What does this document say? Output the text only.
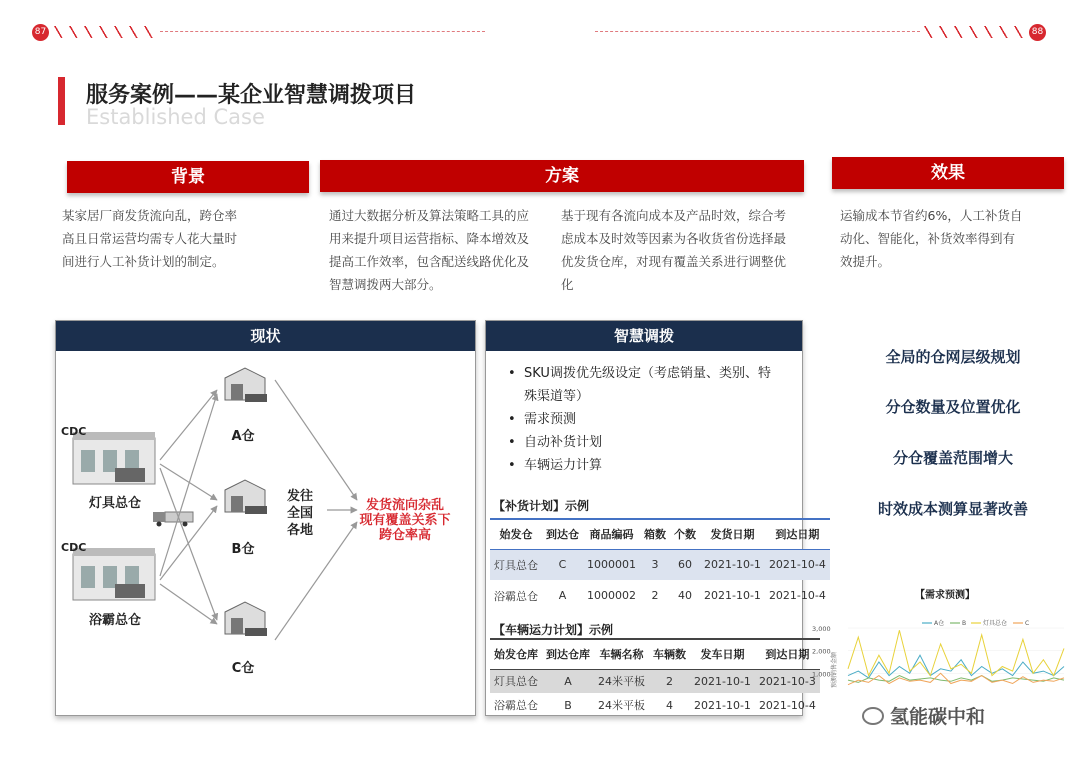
87	88
服务案例——某企业智慧调拨项目
Established Case
背景	方案	效果
某家居厂商发货流向乱，跨仓率
高且日常运营均需专人花大量时
间进行人工补货计划的制定。
通过大数据分析及算法策略工具的应
用来提升项目运营指标、降本增效及
提高工作效率，包含配送线路优化及
智慧调拨两大部分。
基于现有各流向成本及产品时效，综合考
虑成本及时效等因素为各收货省份选择最
优发货仓库，对现有覆盖关系进行调整优
化
运输成本节省约6%，人工补货自
动化、智能化，补货效率得到有
效提升。
现状
CDC
CDC
灯具总仓
浴霸总仓
A仓
B仓
C仓
发往
全国
各地
发货流向杂乱
现有覆盖关系下
跨仓率高
智慧调拨
• SKU调拨优先级设定（考虑销量、类别、特
殊渠道等）
• 需求预测
• 自动补货计划
• 车辆运力计算
【补货计划】示例
始发仓	到达仓	商品编码	箱数	个数	发货日期	到达日期
灯具总仓	C	1000001	3	60	2021-10-1	2021-10-4
浴霸总仓	A	1000002	2	40	2021-10-1	2021-10-4
【车辆运力计划】示例
始发仓库	到达仓库	车辆名称	车辆数	发车日期	到达日期
灯具总仓	A	24米平板	2	2021-10-1	2021-10-3
浴霸总仓	B	24米平板	4	2021-10-1	2021-10-4
全局的仓网层级规划
分仓数量及位置优化
分仓覆盖范围增大
时效成本测算显著改善
【需求预测】
预测销售金额
3,000
2,000
1,000
A仓	B	灯具总仓	C
氢能碳中和
